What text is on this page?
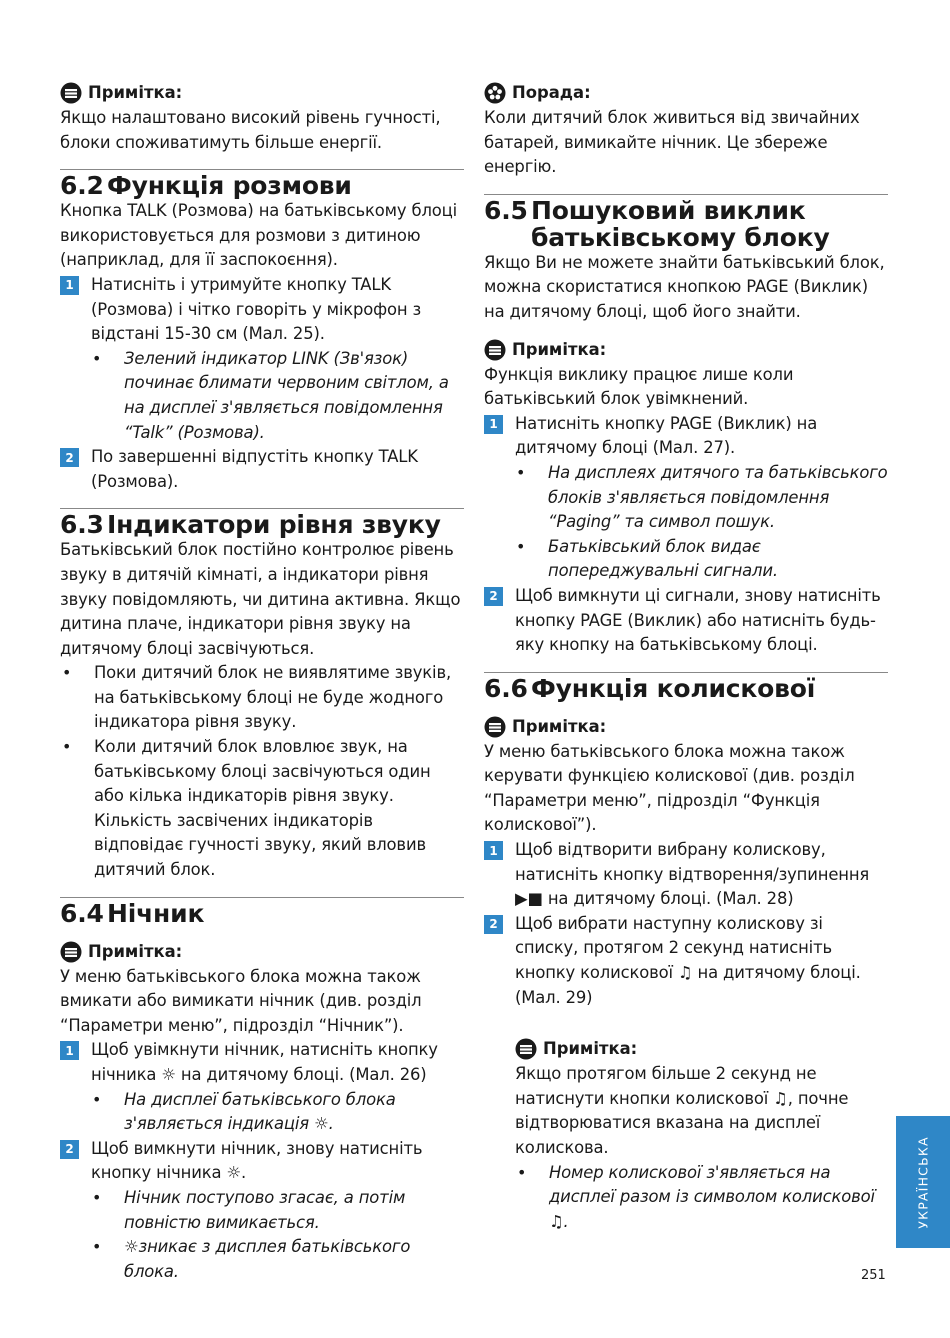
Примітка:

Якщо налаштовано високий рівень гучності, блоки споживатимуть більше енергії.

6.2 Функція розмови

Кнопка TALK (Розмова) на батьківському блоці використовується для розмови з дитиною (наприклад, для її заспокоєння).

1	Натисніть і утримуйте кнопку TALK (Розмова) і чітко говоріть у мікрофон з відстані 15-30 см (Мал. 25).
•	Зелений індикатор LINK (Зв'язок) починає блимати червоним світлом, а на дисплеї з'являється повідомлення “Talk” (Розмова).
2	По завершенні відпустіть кнопку TALK (Розмова).
6.3 Індикатори рівня звуку

Батьківський блок постійно контролює рівень звуку в дитячій кімнаті, а індикатори рівня звуку повідомляють, чи дитина активна. Якщо дитина плаче, індикатори рівня звуку на дитячому блоці засвічуються.

•	Поки дитячий блок не виявлятиме звуків, на батьківському блоці не буде жодного індикатора рівня звуку.
•	Коли дитячий блок вловлює звук, на батьківському блоці засвічуються один або кілька індикаторів рівня звуку. Кількість засвічених індикаторів відповідає гучності звуку, який вловив дитячий блок.
6.4 Нічник
Примітка:

У меню батьківського блока можна також вмикати або вимикати нічник (див. розділ “Параметри меню”, підрозділ “Нічник”).

1	Щоб увімкнути нічник, натисніть кнопку нічника ☼ на дитячому блоці. (Мал. 26)
•	На дисплеї батьківського блока з'являється індикація ☼.
2	Щоб вимкнути нічник, знову натисніть кнопку нічника ☼.
•	Нічник поступово згасає, а потім повністю вимикається.
•	☼зникає з дисплея батьківського блока.
Порада:

Коли дитячий блок живиться від звичайних батарей, вимикайте нічник. Це збереже енергію.

6.5 Пошуковий виклик батьківському блоку

Якщо Ви не можете знайти батьківський блок, можна скористатися кнопкою PAGE (Виклик) на дитячому блоці, щоб його знайти.

Примітка:

Функція виклику працює лише коли батьківський блок увімкнений.

1	Натисніть кнопку PAGE (Виклик) на дитячому блоці (Мал. 27).
•	На дисплеях дитячого та батьківського блоків з'являється повідомлення “Paging” та символ пошук.
•	Батьківський блок видає попереджувальні сигнали.
2	Щоб вимкнути ці сигнали, знову натисніть кнопку PAGE (Виклик) або натисніть будь-яку кнопку на батьківському блоці.
6.6 Функція колискової
Примітка:

У меню батьківського блока можна також керувати функцією колискової (див. розділ “Параметри меню”, підрозділ “Функція колискової”).

1	Щоб відтворити вибрану колискову, натисніть кнопку відтворення/зупинення ▶■ на дитячому блоці. (Мал. 28)
2	Щоб вибрати наступну колискову зі списку, протягом 2 секунд натисніть кнопку колискової ♫ на дитячому блоці. (Мал. 29)
Примітка:

Якщо протягом більше 2 секунд не натиснути кнопки колискової ♫, почне відтворюватися вказана на дисплеї колискова.

•	Номер колискової з'являється на дисплеї разом із символом колискової ♫.	УКРАЇНСЬКА
251
